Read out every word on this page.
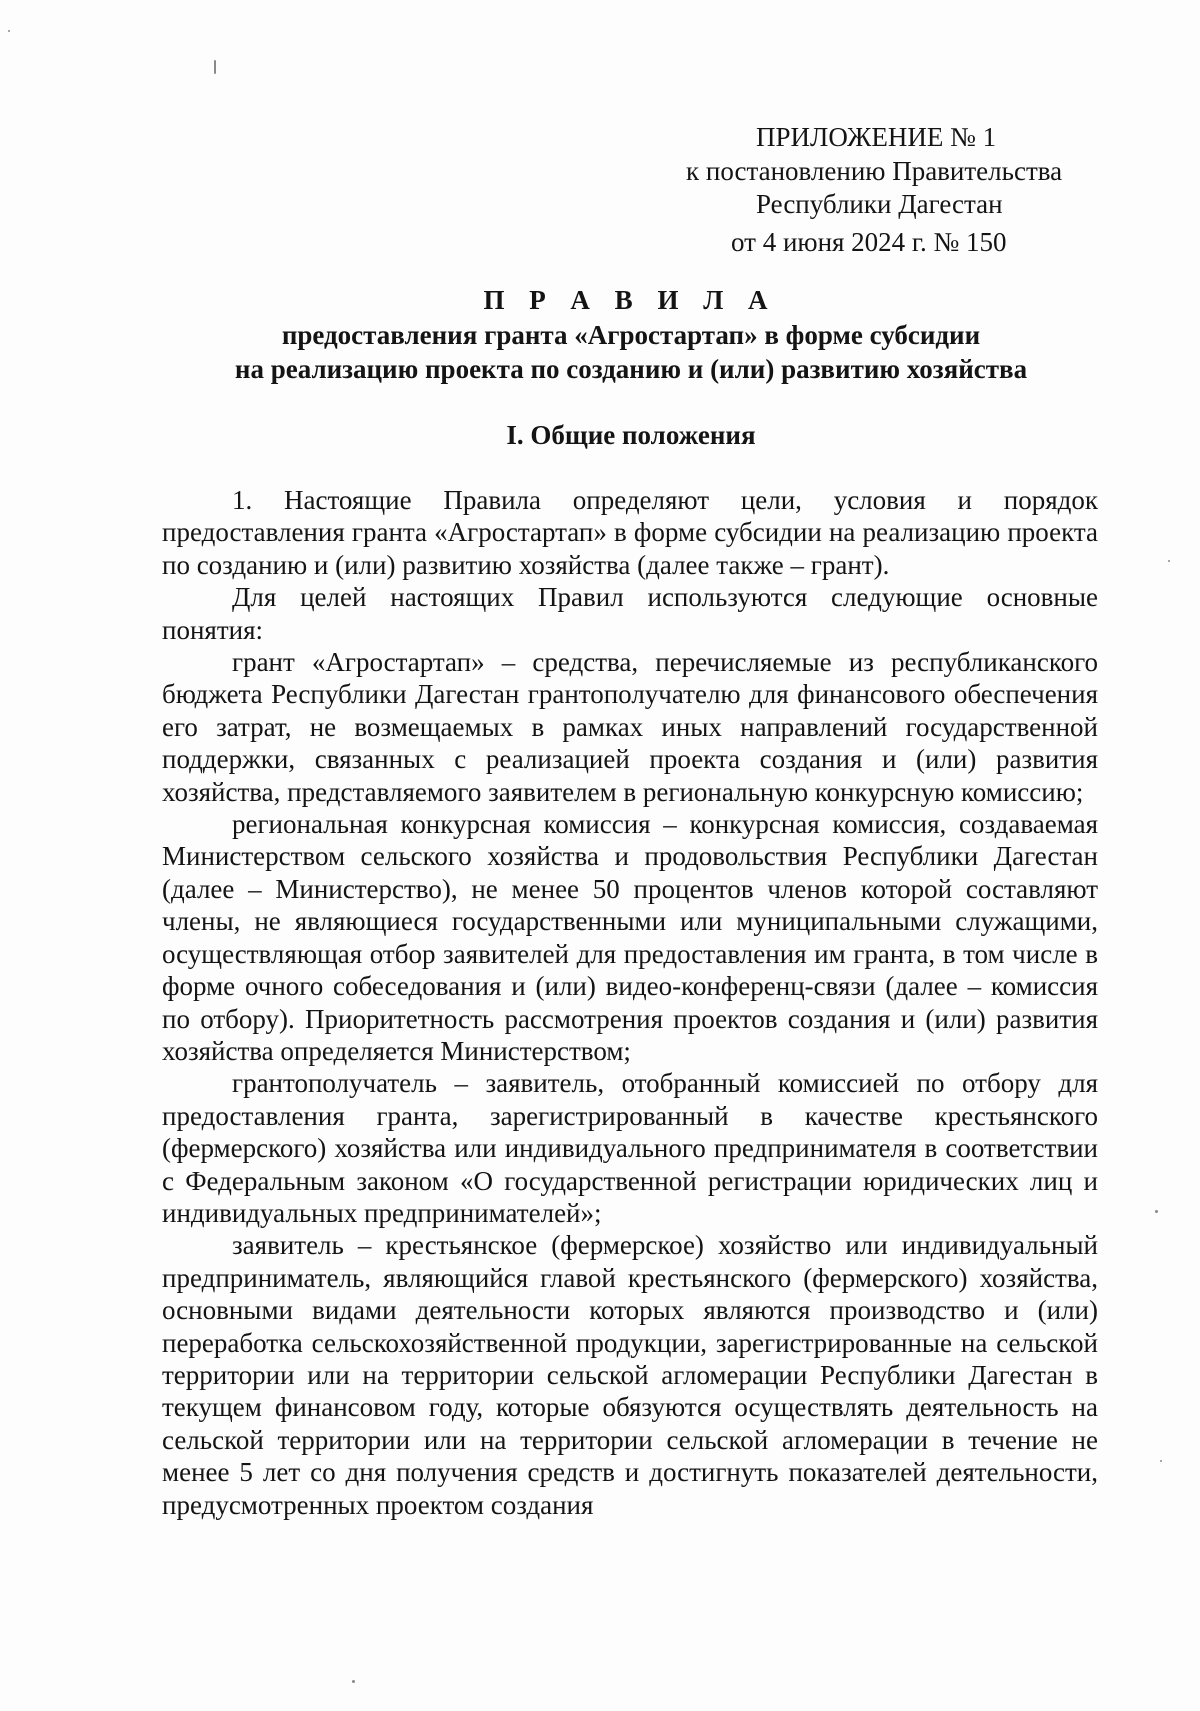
ПРИЛОЖЕНИЕ № 1
к постановлению Правительства
Республики Дагестан
от 4 июня 2024 г. № 150
П Р А В И Л А
предоставления гранта «Агростартап» в форме субсидии
на реализацию проекта по созданию и (или) развитию хозяйства
I. Общие положения

1. Настоящие Правила определяют цели, условия и порядок предоставления гранта «Агростартап» в форме субсидии на реализацию проекта по созданию и (или) развитию хозяйства (далее также – грант).

Для целей настоящих Правил используются следующие основные понятия:

грант «Агростартап» – средства, перечисляемые из республиканского бюджета Республики Дагестан грантополучателю для финансового обеспечения его затрат, не возмещаемых в рамках иных направлений государственной поддержки, связанных с реализацией проекта создания и (или) развития хозяйства, представляемого заявителем в региональную конкурсную комиссию;

региональная конкурсная комиссия – конкурсная комиссия, создаваемая Министерством сельского хозяйства и продовольствия Республики Дагестан (далее – Министерство), не менее 50 процентов членов которой составляют члены, не являющиеся государственными или муниципальными служащими, осуществляющая отбор заявителей для предоставления им гранта, в том числе в форме очного собеседования и (или) видео-конференц-связи (далее – комиссия по отбору). Приоритетность рассмотрения проектов создания и (или) развития хозяйства определяется Министерством;

грантополучатель – заявитель, отобранный комиссией по отбору для предоставления гранта, зарегистрированный в качестве крестьянского (фермерского) хозяйства или индивидуального предпринимателя в соответствии с Федеральным законом «О государственной регистрации юридических лиц и индивидуальных предпринимателей»;

заявитель – крестьянское (фермерское) хозяйство или индивидуальный предприниматель, являющийся главой крестьянского (фермерского) хозяйства, основными видами деятельности которых являются производство и (или) переработка сельскохозяйственной продукции, зарегистрированные на сельской территории или на территории сельской агломерации Республики Дагестан в текущем финансовом году, которые обязуются осуществлять деятельность на сельской территории или на территории сельской агломерации в течение не менее 5 лет со дня получения средств и достигнуть показателей деятельности, предусмотренных проектом создания
